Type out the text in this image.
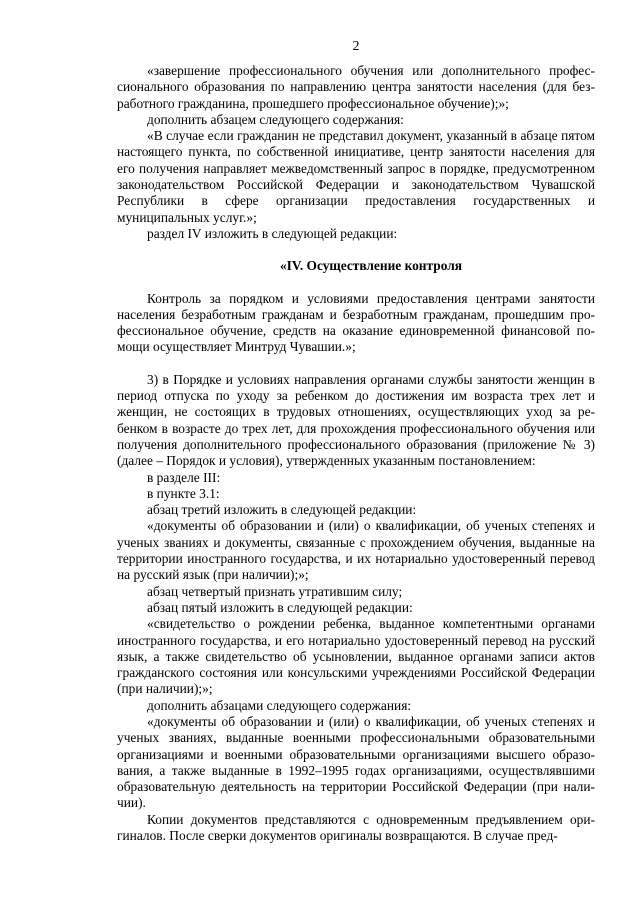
2

«завершение профессионального обучения или дополнительного профессионального образования по направлению центра занятости населения (для безработного гражданина, прошедшего профессиональное обучение);»;

дополнить абзацем следующего содержания:

«В случае если гражданин не представил документ, указанный в абзаце пятом настоящего пункта, по собственной инициативе, центр занятости населения для его получения направляет межведомственный запрос в порядке, предусмотренном законодательством Российской Федерации и законодательством Чувашской Республики в сфере организации предоставления государственных и муниципальных услуг.»;

раздел IV изложить в следующей редакции:

«IV. Осуществление контроля

Контроль за порядком и условиями предоставления центрами занятости населения безработным гражданам и безработным гражданам, прошедшим профессиональное обучение, средств на оказание единовременной финансовой помощи осуществляет Минтруд Чувашии.»;

3) в Порядке и условиях направления органами службы занятости женщин в период отпуска по уходу за ребенком до достижения им возраста трех лет и женщин, не состоящих в трудовых отношениях, осуществляющих уход за ребенком в возрасте до трех лет, для прохождения профессионального обучения или получения дополнительного профессионального образования (приложение № 3) (далее – Порядок и условия), утвержденных указанным постановлением:

в разделе III:

в пункте 3.1:

абзац третий изложить в следующей редакции:

«документы об образовании и (или) о квалификации, об ученых степенях и ученых званиях и документы, связанные с прохождением обучения, выданные на территории иностранного государства, и их нотариально удостоверенный перевод на русский язык (при наличии);»;

абзац четвертый признать утратившим силу;

абзац пятый изложить в следующей редакции:

«свидетельство о рождении ребенка, выданное компетентными органами иностранного государства, и его нотариально удостоверенный перевод на русский язык, а также свидетельство об усыновлении, выданное органами записи актов гражданского состояния или консульскими учреждениями Российской Федерации (при наличии);»;

дополнить абзацами следующего содержания:

«документы об образовании и (или) о квалификации, об ученых степенях и ученых званиях, выданные военными профессиональными образовательными организациями и военными образовательными организациями высшего образования, а также выданные в 1992–1995 годах организациями, осуществлявшими образовательную деятельность на территории Российской Федерации (при наличии).

Копии документов представляются с одновременным предъявлением оригиналов. После сверки документов оригиналы возвращаются. В случае пред-
